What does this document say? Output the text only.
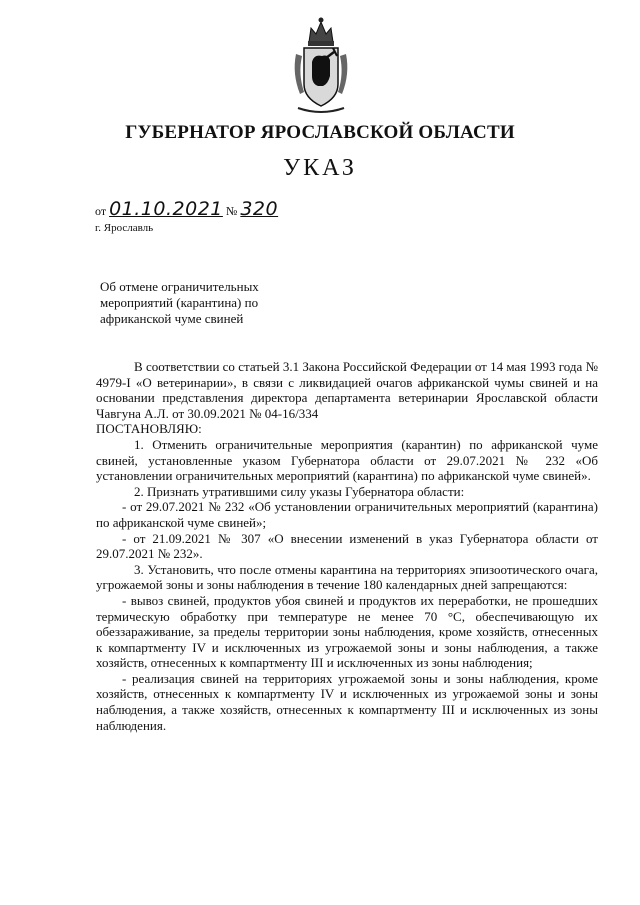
ГУБЕРНАТОР ЯРОСЛАВСКОЙ ОБЛАСТИ
УКАЗ
от 01.10.2021 № 320
г. Ярославль
Об отмене ограничительных мероприятий (карантина) по африканской чуме свиней

В соответствии со статьей 3.1 Закона Российской Федерации от 14 мая 1993 года № 4979-I «О ветеринарии», в связи с ликвидацией очагов африканской чумы свиней и на основании представления директора департамента ветеринарии Ярославской области Чавгуна А.Л. от 30.09.2021 № 04-16/334

ПОСТАНОВЛЯЮ:

1. Отменить ограничительные мероприятия (карантин) по африканской чуме свиней, установленные указом Губернатора области от 29.07.2021 № 232 «Об установлении ограничительных мероприятий (карантина) по африканской чуме свиней».

2. Признать утратившими силу указы Губернатора области:

- от 29.07.2021 № 232 «Об установлении ограничительных мероприятий (карантина) по африканской чуме свиней»;

- от 21.09.2021 № 307 «О внесении изменений в указ Губернатора области от 29.07.2021 № 232».

3. Установить, что после отмены карантина на территориях эпизоотического очага, угрожаемой зоны и зоны наблюдения в течение 180 календарных дней запрещаются:

- вывоз свиней, продуктов убоя свиней и продуктов их переработки, не прошедших термическую обработку при температуре не менее 70 °С, обеспечивающую их обеззараживание, за пределы территории зоны наблюдения, кроме хозяйств, отнесенных к компартменту IV и исключенных из угрожаемой зоны и зоны наблюдения, а также хозяйств, отнесенных к компартменту III и исключенных из зоны наблюдения;

- реализация свиней на территориях угрожаемой зоны и зоны наблюдения, кроме хозяйств, отнесенных к компартменту IV и исключенных из угрожаемой зоны и зоны наблюдения, а также хозяйств, отнесенных к компартменту III и исключенных из зоны наблюдения.
